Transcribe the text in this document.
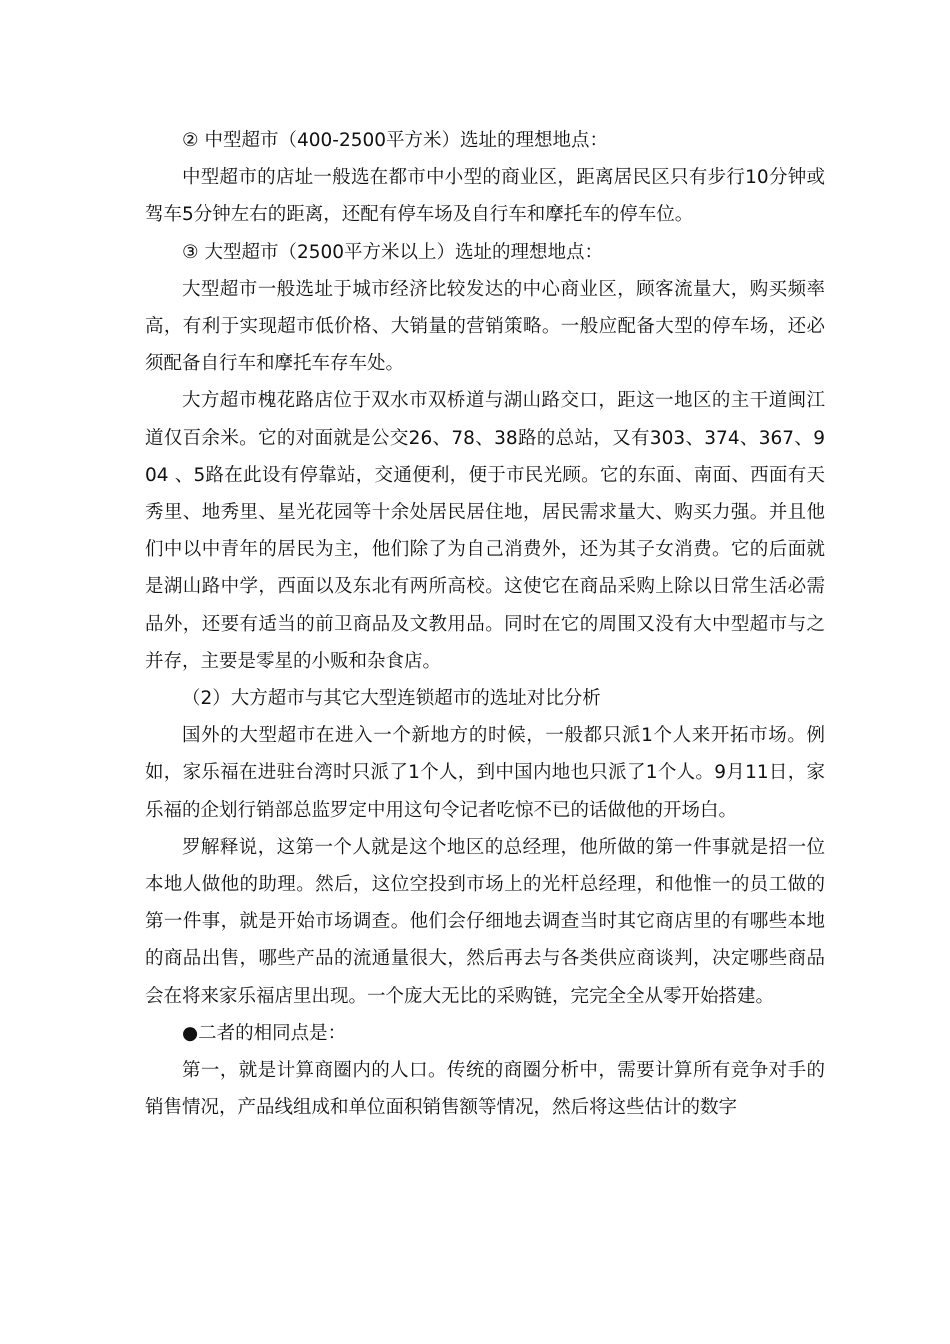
② 中型超市（400-2500平方米）选址的理想地点：

中型超市的店址一般选在都市中小型的商业区，距离居民区只有步行10分钟或驾车5分钟左右的距离，还配有停车场及自行车和摩托车的停车位。

③ 大型超市（2500平方米以上）选址的理想地点：

大型超市一般选址于城市经济比较发达的中心商业区，顾客流量大，购买频率高，有利于实现超市低价格、大销量的营销策略。一般应配备大型的停车场，还必须配备自行车和摩托车存车处。

大方超市槐花路店位于双水市双桥道与湖山路交口，距这一地区的主干道闽江道仅百余米。它的对面就是公交26、78、38路的总站，又有303、374、367、904 、5路在此设有停靠站，交通便利，便于市民光顾。它的东面、南面、西面有天秀里、地秀里、星光花园等十余处居民居住地，居民需求量大、购买力强。并且他们中以中青年的居民为主，他们除了为自己消费外，还为其子女消费。它的后面就是湖山路中学，西面以及东北有两所高校。这使它在商品采购上除以日常生活必需品外，还要有适当的前卫商品及文教用品。同时在它的周围又没有大中型超市与之并存，主要是零星的小贩和杂食店。

（2）大方超市与其它大型连锁超市的选址对比分析

国外的大型超市在进入一个新地方的时候，一般都只派1个人来开拓市场。例如，家乐福在进驻台湾时只派了1个人，到中国内地也只派了1个人。9月11日，家乐福的企划行销部总监罗定中用这句令记者吃惊不已的话做他的开场白。

罗解释说，这第一个人就是这个地区的总经理，他所做的第一件事就是招一位本地人做他的助理。然后，这位空投到市场上的光杆总经理，和他惟一的员工做的第一件事，就是开始市场调查。他们会仔细地去调查当时其它商店里的有哪些本地的商品出售，哪些产品的流通量很大，然后再去与各类供应商谈判，决定哪些商品会在将来家乐福店里出现。一个庞大无比的采购链，完完全全从零开始搭建。

●二者的相同点是：

第一，就是计算商圈内的人口。传统的商圈分析中，需要计算所有竞争对手的销售情况，产品线组成和单位面积销售额等情况，然后将这些估计的数字
